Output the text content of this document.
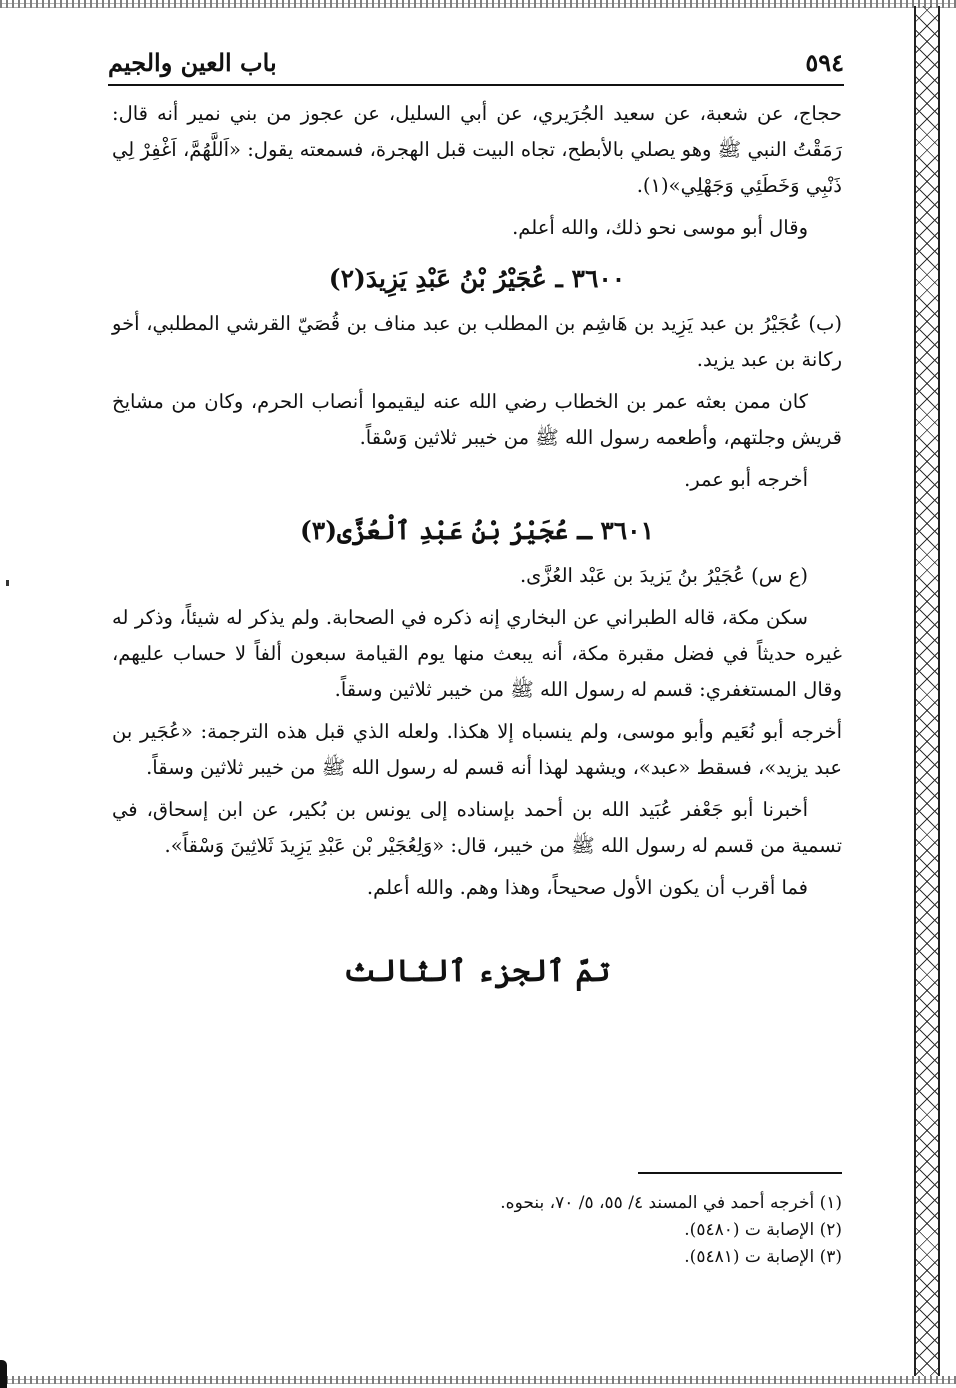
٥٩٤
باب العين والجيم

حجاج، عن شعبة، عن سعيد الجُرَيري، عن أبي السليل، عن عجوز من بني نمير أنه قال: رَمَقْتُ النبي ﷺ وهو يصلي بالأبطح، تجاه البيت قبل الهجرة، فسمعته يقول: «اَللَّهُمَّ، اَغْفِرْ لِي ذَنْبِي وَخَطَئِي وَجَهْلِي»(١).

وقال أبو موسى نحو ذلك، والله أعلم.

٣٦٠٠ ـ عُجَيْرُ بْنُ عَبْدِ يَزِيدَ(٢)

(ب) عُجَيْرُ بن عبد يَزِيد بن هَاشِم بن المطلب بن عبد مناف بن قُصَيّ القرشي المطلبي، أخو ركانة بن عبد يزيد.

كان ممن بعثه عمر بن الخطاب رضي الله عنه ليقيموا أنصاب الحرم، وكان من مشايخ قريش وجلتهم، وأطعمه رسول الله ﷺ من خيبر ثلاثين وَسْقاً.

أخرجه أبو عمر.

٣٦٠١ ـ عُجَيْرُ بْنُ عَبْدِ ٱلْعُزَّى(٣)

(ع س) عُجَيْرُ بنُ يَزيدَ بن عَبْد العُزَّى.

سكن مكة، قاله الطبراني عن البخاري إنه ذكره في الصحابة. ولم يذكر له شيئاً، وذكر له غيره حديثاً في فضل مقبرة مكة، أنه يبعث منها يوم القيامة سبعون ألفاً لا حساب عليهم، وقال المستغفري: قسم له رسول الله ﷺ من خيبر ثلاثين وسقاً.

أخرجه أبو نُعَيم وأبو موسى، ولم ينسباه إلا هكذا. ولعله الذي قبل هذه الترجمة: «عُجَير بن عبد يزيد»، فسقط «عبد»، ويشهد لهذا أنه قسم له رسول الله ﷺ من خيبر ثلاثين وسقاً.

أخبرنا أبو جَعْفر عُبَيد الله بن أحمد بإسناده إلى يونس بن بُكير، عن ابن إسحاق، في تسمية من قسم له رسول الله ﷺ من خيبر، قال: «وَلِعُجَيْر بْن عَبْدِ يَزِيدَ ثَلاثِينَ وَسْقاً».

فما أقرب أن يكون الأول صحيحاً، وهذا وهم. والله أعلم.

تمّ ٱلجزء ٱلثالث
(١) أخرجه أحمد في المسند ٤/ ٥٥، ٥/ ٧٠، بنحوه.
(٢) الإصابة ت (٥٤٨٠).
(٣) الإصابة ت (٥٤٨١).
